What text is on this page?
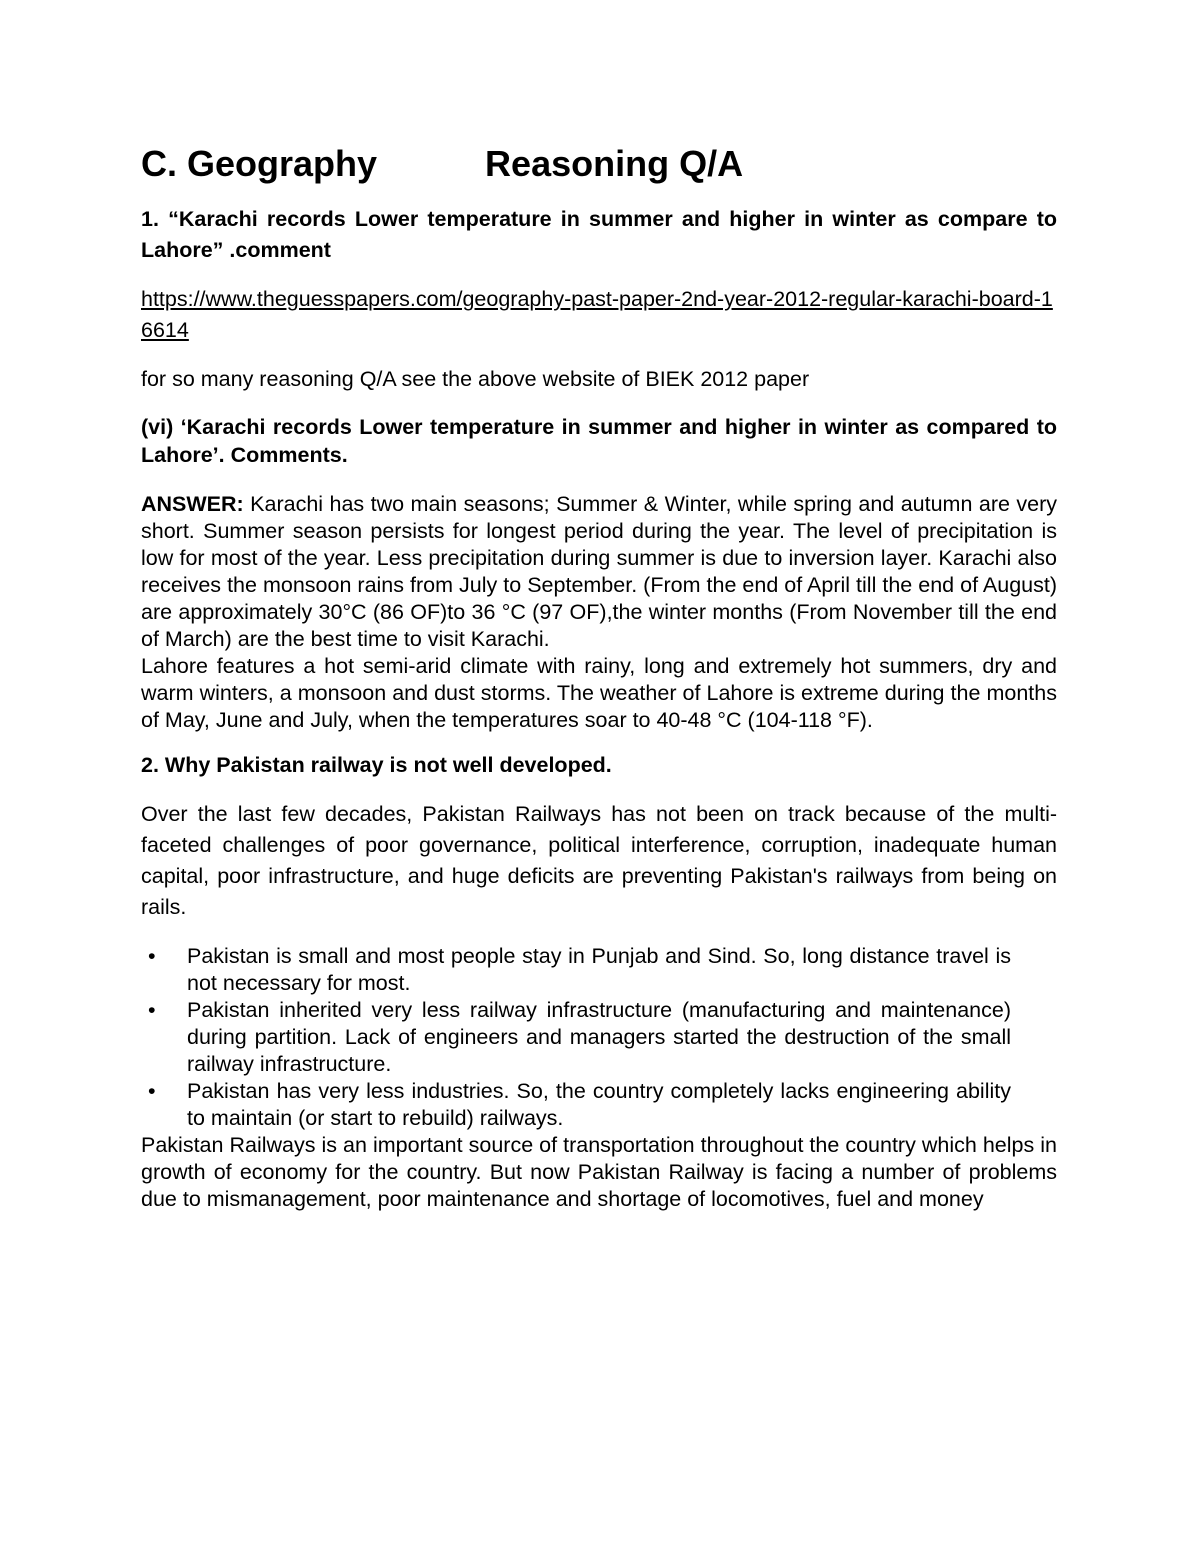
C. Geography	Reasoning Q/A

1. “Karachi records Lower temperature in summer and higher in winter as compare to Lahore” .comment

https://www.theguesspapers.com/geography-past-paper-2nd-year-2012-regular-karachi-board-16614

for so many reasoning Q/A see the above website of BIEK 2012 paper

(vi) ‘Karachi records Lower temperature in summer and higher in winter as compared to Lahore’. Comments.

ANSWER: Karachi has two main seasons; Summer & Winter, while spring and autumn are very short. Summer season persists for longest period during the year. The level of precipitation is low for most of the year. Less precipitation during summer is due to inversion layer. Karachi also receives the monsoon rains from July to September. (From the end of April till the end of August) are approximately 30°C (86 OF)to 36 °C (97 OF),the winter months (From November till the end of March) are the best time to visit Karachi.

Lahore features a hot semi-arid climate with rainy, long and extremely hot summers, dry and warm winters, a monsoon and dust storms. The weather of Lahore is extreme during the months of May, June and July, when the temperatures soar to 40-48 °C (104-118 °F).

2. Why Pakistan railway is not well developed.

Over the last few decades, Pakistan Railways has not been on track because of the multi-faceted challenges of poor governance, political interference, corruption, inadequate human capital, poor infrastructure, and huge deficits are preventing Pakistan's railways from being on rails.

• Pakistan is small and most people stay in Punjab and Sind. So, long distance travel is not necessary for most.
• Pakistan inherited very less railway infrastructure (manufacturing and maintenance) during partition. Lack of engineers and managers started the destruction of the small railway infrastructure.
• Pakistan has very less industries. So, the country completely lacks engineering ability to maintain (or start to rebuild) railways.

Pakistan Railways is an important source of transportation throughout the country which helps in growth of economy for the country. But now Pakistan Railway is facing a number of problems due to mismanagement, poor maintenance and shortage of locomotives, fuel and money
